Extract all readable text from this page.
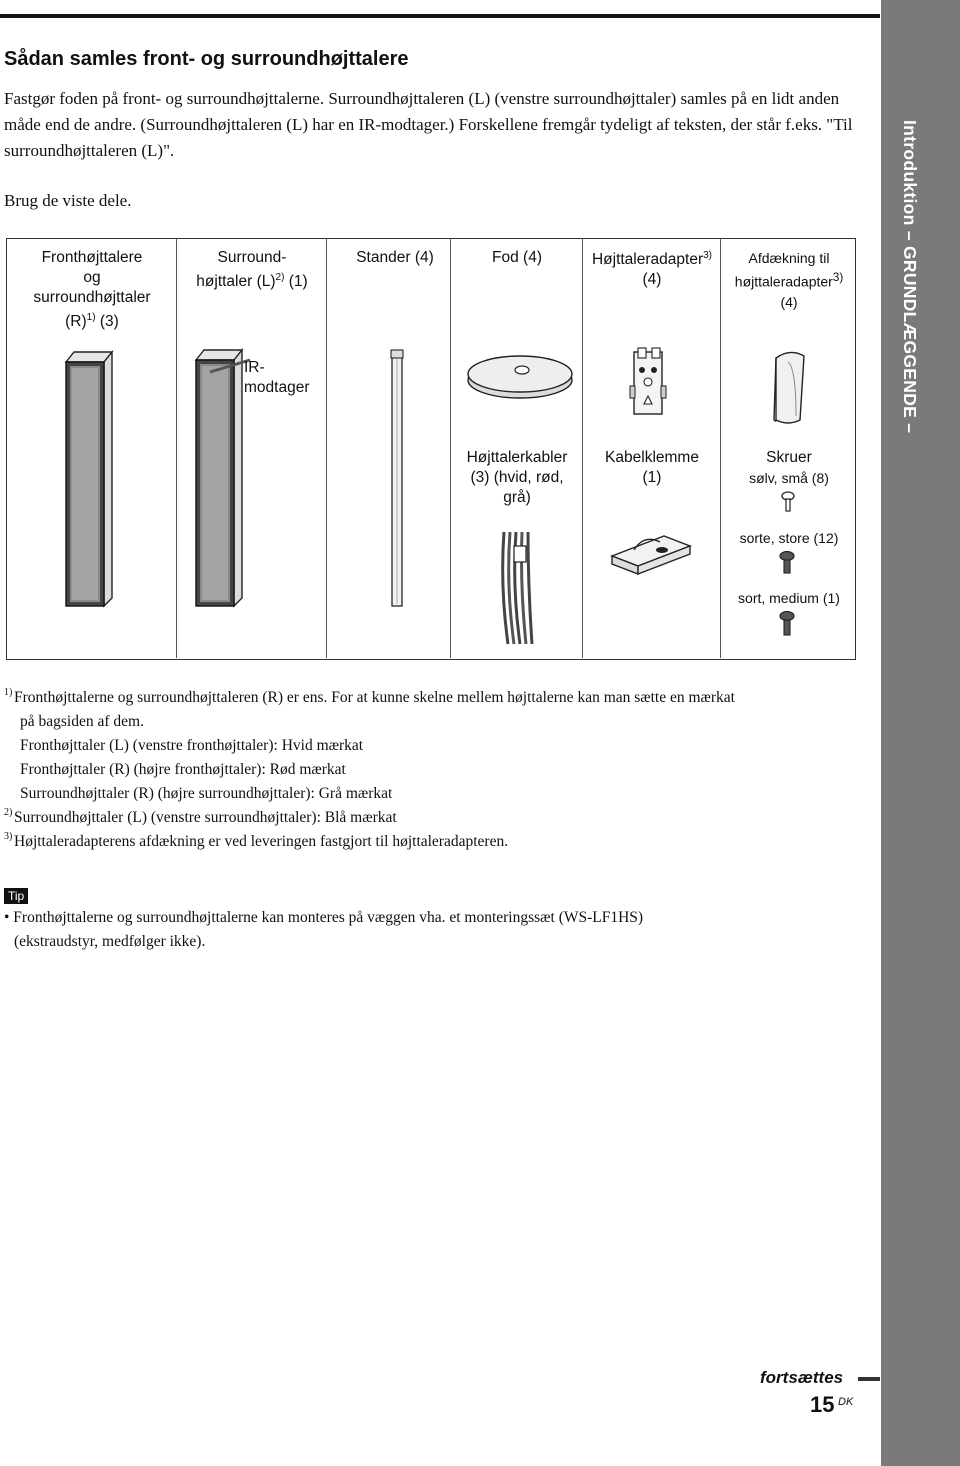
Sådan samles front- og surroundhøjttalere

Fastgør foden på front- og surroundhøjttalerne. Surroundhøjttaleren (L) (venstre surroundhøjttaler) samles på en lidt anden måde end de andre. (Surroundhøjttaleren (L) har en IR-modtager.) Forskellene fremgår tydeligt af teksten, der står f.eks. "Til surroundhøjttaleren (L)".

Brug de viste dele.

Fronthøjttalere
og
surroundhøjttaler
$(R)^{1)}$ (3)
Surround-
højttaler $(L)^{2)}$ (1)
IR-
modtager
Stander (4)	Fod (4)
Højttalerkabler
(3) (hvid, rød,
grå)
Højttaleradapter$^{3)}$
(4)
Kabelklemme
(1)
Afdækning til
højttaleradapter$^{3)}$
(4)
Skruer
sølv, små (8)
sorte, store (12)
sort, medium (1)

1) Fronthøjttalerne og surroundhøjttaleren (R) er ens. For at kunne skelne mellem højttalerne kan man sætte en mærkat

på bagsiden af dem.

Fronthøjttaler (L) (venstre fronthøjttaler): Hvid mærkat

Fronthøjttaler (R) (højre fronthøjttaler): Rød mærkat

Surroundhøjttaler (R) (højre surroundhøjttaler): Grå mærkat

2) Surroundhøjttaler (L) (venstre surroundhøjttaler): Blå mærkat

3) Højttaleradapterens afdækning er ved leveringen fastgjort til højttaleradapteren.

Tip
• Fronthøjttalerne og surroundhøjttalerne kan monteres på væggen vha. et monteringssæt (WS-LF1HS)
(ekstraudstyr, medfølger ikke).
Introduktion – GRUNDLÆGGENDE –
fortsættes
15 DK
